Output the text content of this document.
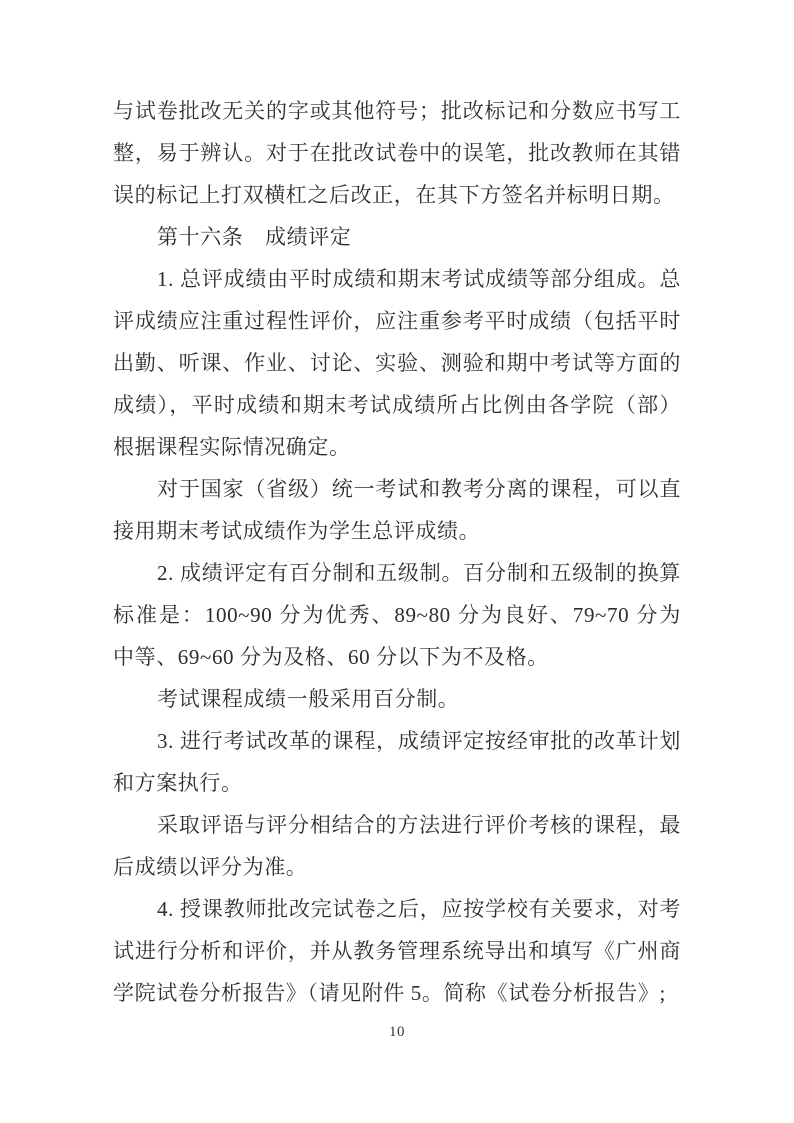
与试卷批改无关的字或其他符号；批改标记和分数应书写工
整，易于辨认。对于在批改试卷中的误笔，批改教师在其错
误的标记上打双横杠之后改正，在其下方签名并标明日期。
第十六条　成绩评定
1. 总评成绩由平时成绩和期末考试成绩等部分组成。总
评成绩应注重过程性评价，应注重参考平时成绩（包括平时
出勤、听课、作业、讨论、实验、测验和期中考试等方面的
成绩），平时成绩和期末考试成绩所占比例由各学院（部）
根据课程实际情况确定。
对于国家（省级）统一考试和教考分离的课程，可以直
接用期末考试成绩作为学生总评成绩。
2. 成绩评定有百分制和五级制。百分制和五级制的换算
标准是：100~90 分为优秀、89~80 分为良好、79~70 分为
中等、69~60 分为及格、60 分以下为不及格。
考试课程成绩一般采用百分制。
3. 进行考试改革的课程，成绩评定按经审批的改革计划
和方案执行。
采取评语与评分相结合的方法进行评价考核的课程，最
后成绩以评分为准。
4. 授课教师批改完试卷之后，应按学校有关要求，对考
试进行分析和评价，并从教务管理系统导出和填写《广州商
学院试卷分析报告》（请见附件 5。简称《试卷分析报告》;
10
